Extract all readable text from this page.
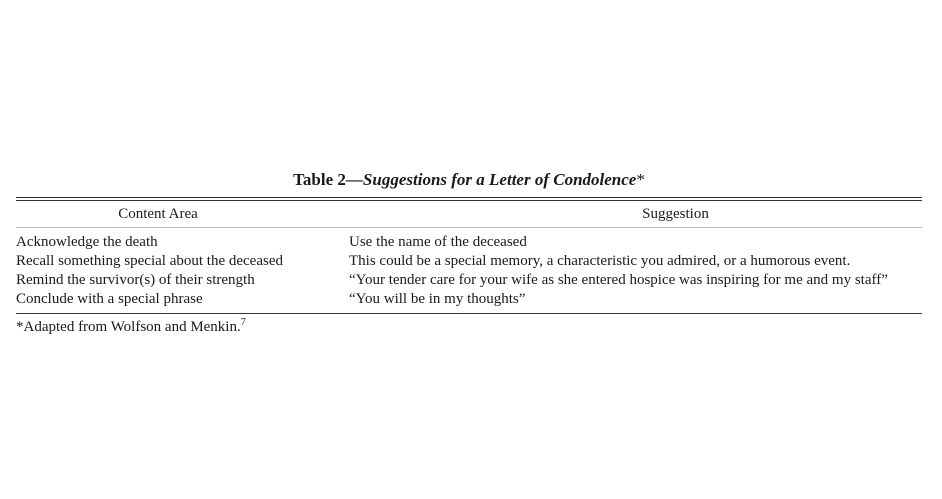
Table 2—Suggestions for a Letter of Condolence*
Content Area	Suggestion
Acknowledge the death	Use the name of the deceased
Recall something special about the deceased	This could be a special memory, a characteristic you admired, or a humorous event.
Remind the survivor(s) of their strength	“Your tender care for your wife as she entered hospice was inspiring for me and my staff”
Conclude with a special phrase	“You will be in my thoughts”
*Adapted from Wolfson and Menkin.$^7$
